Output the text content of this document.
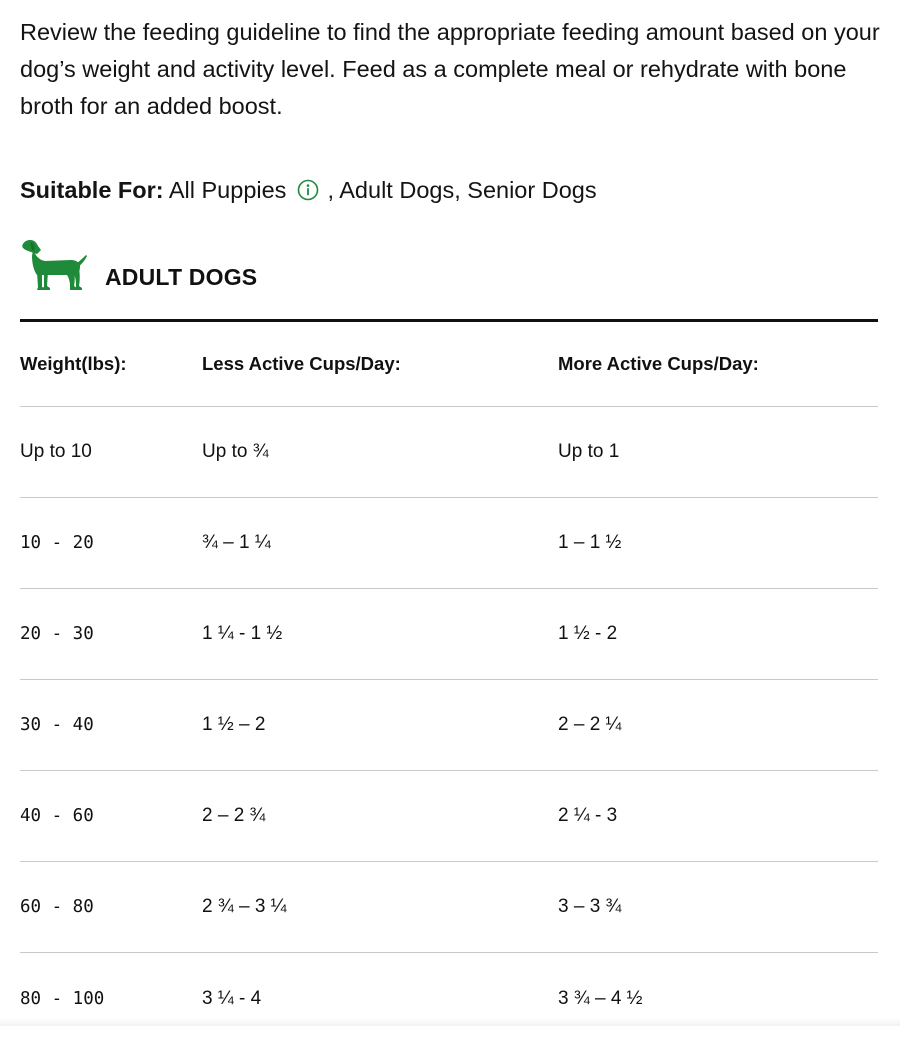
Review the feeding guideline to find the appropriate feeding amount based on your dog’s weight and activity level. Feed as a complete meal or rehydrate with bone broth for an added boost.

Suitable For: All Puppies , Adult Dogs, Senior Dogs
ADULT DOGS
Weight(lbs):	Less Active Cups/Day:	More Active Cups/Day:
Up to 10	Up to ¾	Up to 1
10 - 20	¾ – 1 ¼	1 – 1 ½
20 - 30	1 ¼ - 1 ½	1 ½ - 2
30 - 40	1 ½ – 2	2 – 2 ¼
40 - 60	2 – 2 ¾	2 ¼ - 3
60 - 80	2 ¾ – 3 ¼	3 – 3 ¾
80 - 100	3 ¼ - 4	3 ¾ – 4 ½
